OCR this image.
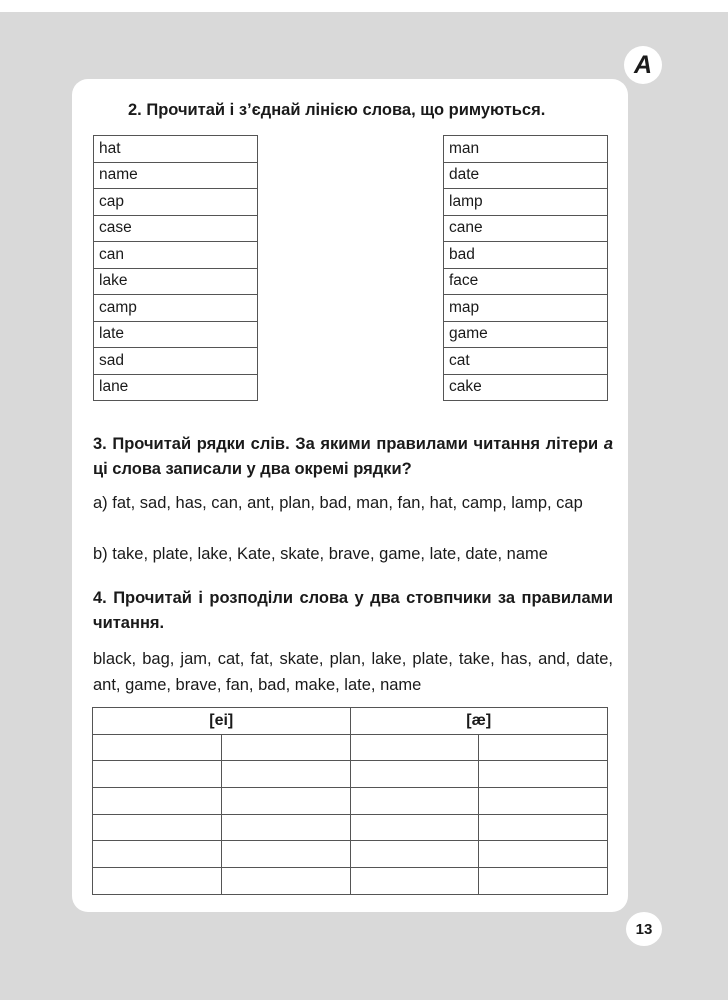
A
2. Прочитай і з’єднай лінією слова, що римуються.
hat
name
cap
case
can
lake
camp
late
sad
lane
man
date
lamp
cane
bad
face
map
game
cat
cake
3. Прочитай рядки слів. За якими правилами читання літери a ці слова записали у два окремі рядки?
a) fat, sad, has, can, ant, plan, bad, man, fan, hat, camp, lamp, cap
b) take, plate, lake, Kate, skate, brave, game, late, date, name
4. Прочитай і розподіли слова у два стовпчики за правилами читання.
black, bag, jam, cat, fat, skate, plan, lake, plate, take, has, and, date, ant, game, brave, fan, bad, make, late, name
[ei]		[æ]	

13
